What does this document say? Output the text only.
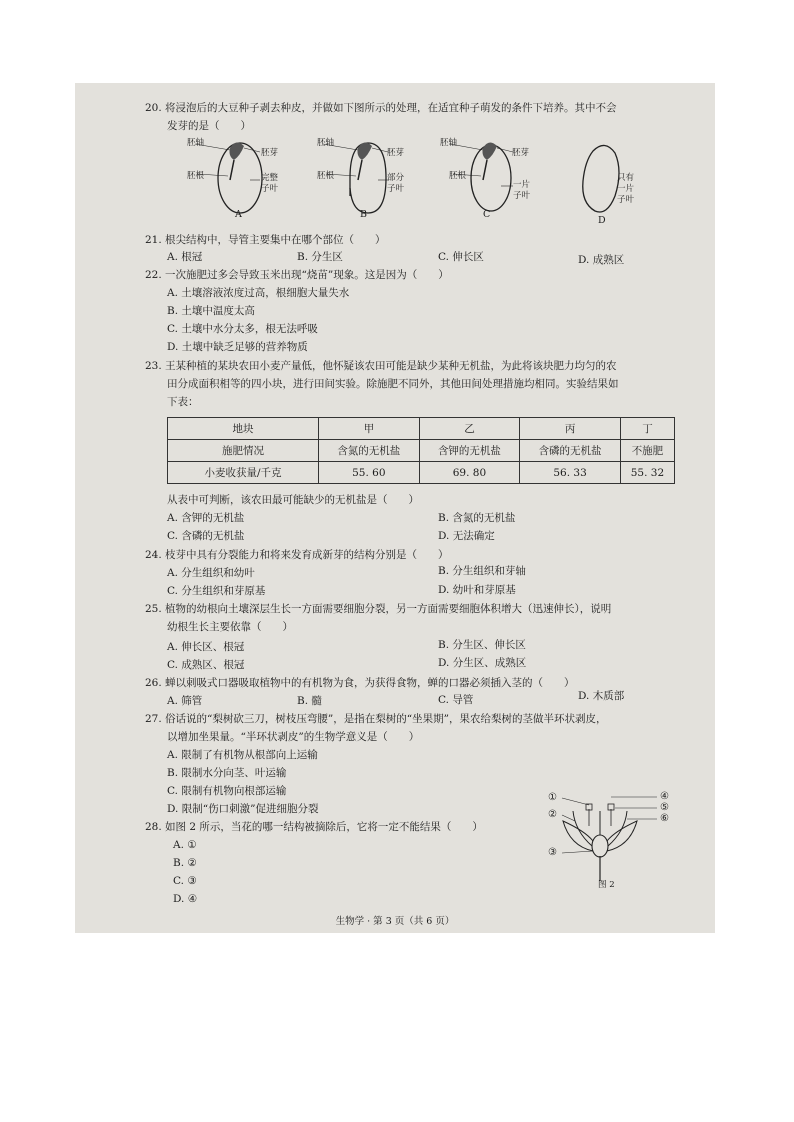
20. 将浸泡后的大豆种子剥去种皮，并做如下图所示的处理，在适宜种子萌发的条件下培养。其中不会
发芽的是（　　）
胚轴
胚芽
胚根	完整
子叶
A
胚轴
胚芽
胚根	部分
子叶
B
胚轴
胚芽
胚根
一片
子叶
C
只有
一片
子叶
D
21. 根尖结构中，导管主要集中在哪个部位（　　）
A. 根冠	B. 分生区	C. 伸长区	D. 成熟区
22. 一次施肥过多会导致玉米出现“烧苗”现象。这是因为（　　）
A. 土壤溶液浓度过高，根细胞大量失水
B. 土壤中温度太高
C. 土壤中水分太多，根无法呼吸
D. 土壤中缺乏足够的营养物质
23. 王某种植的某块农田小麦产量低，他怀疑该农田可能是缺少某种无机盐，为此将该块肥力均匀的农
田分成面积相等的四小块，进行田间实验。除施肥不同外，其他田间处理措施均相同。实验结果如
下表：
地块	甲	乙	丙	丁
施肥情况	含氮的无机盐	含钾的无机盐	含磷的无机盐	不施肥
小麦收获量/千克	55. 60	69. 80	56. 33	55. 32
从表中可判断，该农田最可能缺少的无机盐是（　　）
A. 含钾的无机盐	B. 含氮的无机盐
C. 含磷的无机盐	D. 无法确定
24. 枝芽中具有分裂能力和将来发育成新芽的结构分别是（　　）
A. 分生组织和幼叶	B. 分生组织和芽轴
C. 分生组织和芽原基	D. 幼叶和芽原基
25. 植物的幼根向土壤深层生长一方面需要细胞分裂，另一方面需要细胞体积增大（迅速伸长），说明
幼根生长主要依靠（　　）
A. 伸长区、根冠	B. 分生区、伸长区
C. 成熟区、根冠	D. 分生区、成熟区
26. 蝉以刺吸式口器吸取植物中的有机物为食，为获得食物，蝉的口器必须插入茎的（　　）
A. 筛管	B. 髓	C. 导管	D. 木质部
27. 俗话说的“梨树砍三刀，树枝压弯腰”，是指在梨树的“坐果期”，果农给梨树的茎做半环状剥皮，
以增加坐果量。“半环状剥皮”的生物学意义是（　　）
A. 限制了有机物从根部向上运输
B. 限制水分向茎、叶运输
C. 限制有机物向根部运输
D. 限制“伤口刺激”促进细胞分裂
28. 如图 2 所示，当花的哪一结构被摘除后，它将一定不能结果（　　）
A. ①
B. ②
C. ③
D. ④
①
②
③
④
⑤
⑥
图 2
生物学 · 第 3 页（共 6 页）
